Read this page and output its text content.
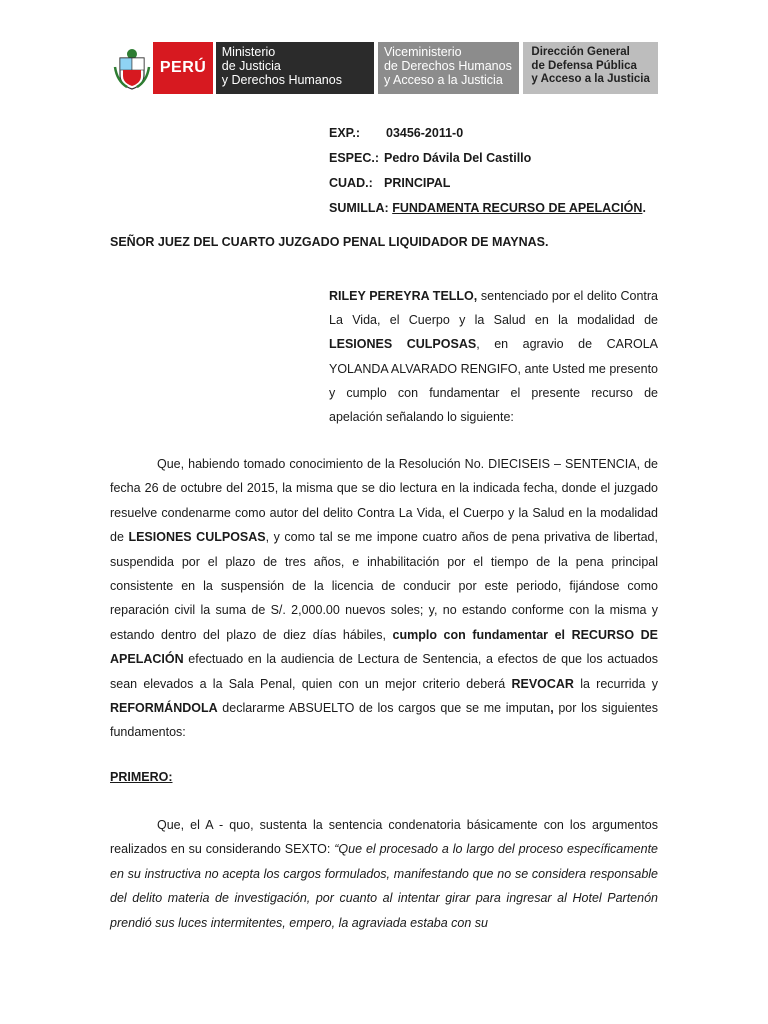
PERÚ
Ministerio
de Justicia
y Derechos Humanos
Viceministerio
de Derechos Humanos
y Acceso a la Justicia
Dirección General
de Defensa Pública
y Acceso a la Justicia
EXP.: 03456-2011-0
ESPEC.: Pedro Dávila Del Castillo
CUAD.: PRINCIPAL
SUMILLA: FUNDAMENTA RECURSO DE APELACIÓN.
SEÑOR JUEZ DEL CUARTO JUZGADO PENAL LIQUIDADOR DE MAYNAS.
RILEY PEREYRA TELLO, sentenciado por el delito Contra La Vida, el Cuerpo y la Salud en la modalidad de LESIONES CULPOSAS, en agravio de CAROLA YOLANDA ALVARADO RENGIFO, ante Usted me presento y cumplo con fundamentar el presente recurso de apelación señalando lo siguiente:
Que, habiendo tomado conocimiento de la Resolución No. DIECISEIS – SENTENCIA, de fecha 26 de octubre del 2015, la misma que se dio lectura en la indicada fecha, donde el juzgado resuelve condenarme como autor del delito Contra La Vida, el Cuerpo y la Salud en la modalidad de LESIONES CULPOSAS, y como tal se me impone cuatro años de pena privativa de libertad, suspendida por el plazo de tres años, e inhabilitación por el tiempo de la pena principal consistente en la suspensión de la licencia de conducir por este periodo, fijándose como reparación civil la suma de S/. 2,000.00 nuevos soles; y, no estando conforme con la misma y estando dentro del plazo de diez días hábiles, cumplo con fundamentar el RECURSO DE APELACIÓN efectuado en la audiencia de Lectura de Sentencia, a efectos de que los actuados sean elevados a la Sala Penal, quien con un mejor criterio deberá REVOCAR la recurrida y REFORMÁNDOLA declararme ABSUELTO de los cargos que se me imputan, por los siguientes fundamentos:
PRIMERO:
Que, el A - quo, sustenta la sentencia condenatoria básicamente con los argumentos realizados en su considerando SEXTO: “Que el procesado a lo largo del proceso específicamente en su instructiva no acepta los cargos formulados, manifestando que no se considera responsable del delito materia de investigación, por cuanto al intentar girar para ingresar al Hotel Partenón prendió sus luces intermitentes, empero, la agraviada estaba con su
